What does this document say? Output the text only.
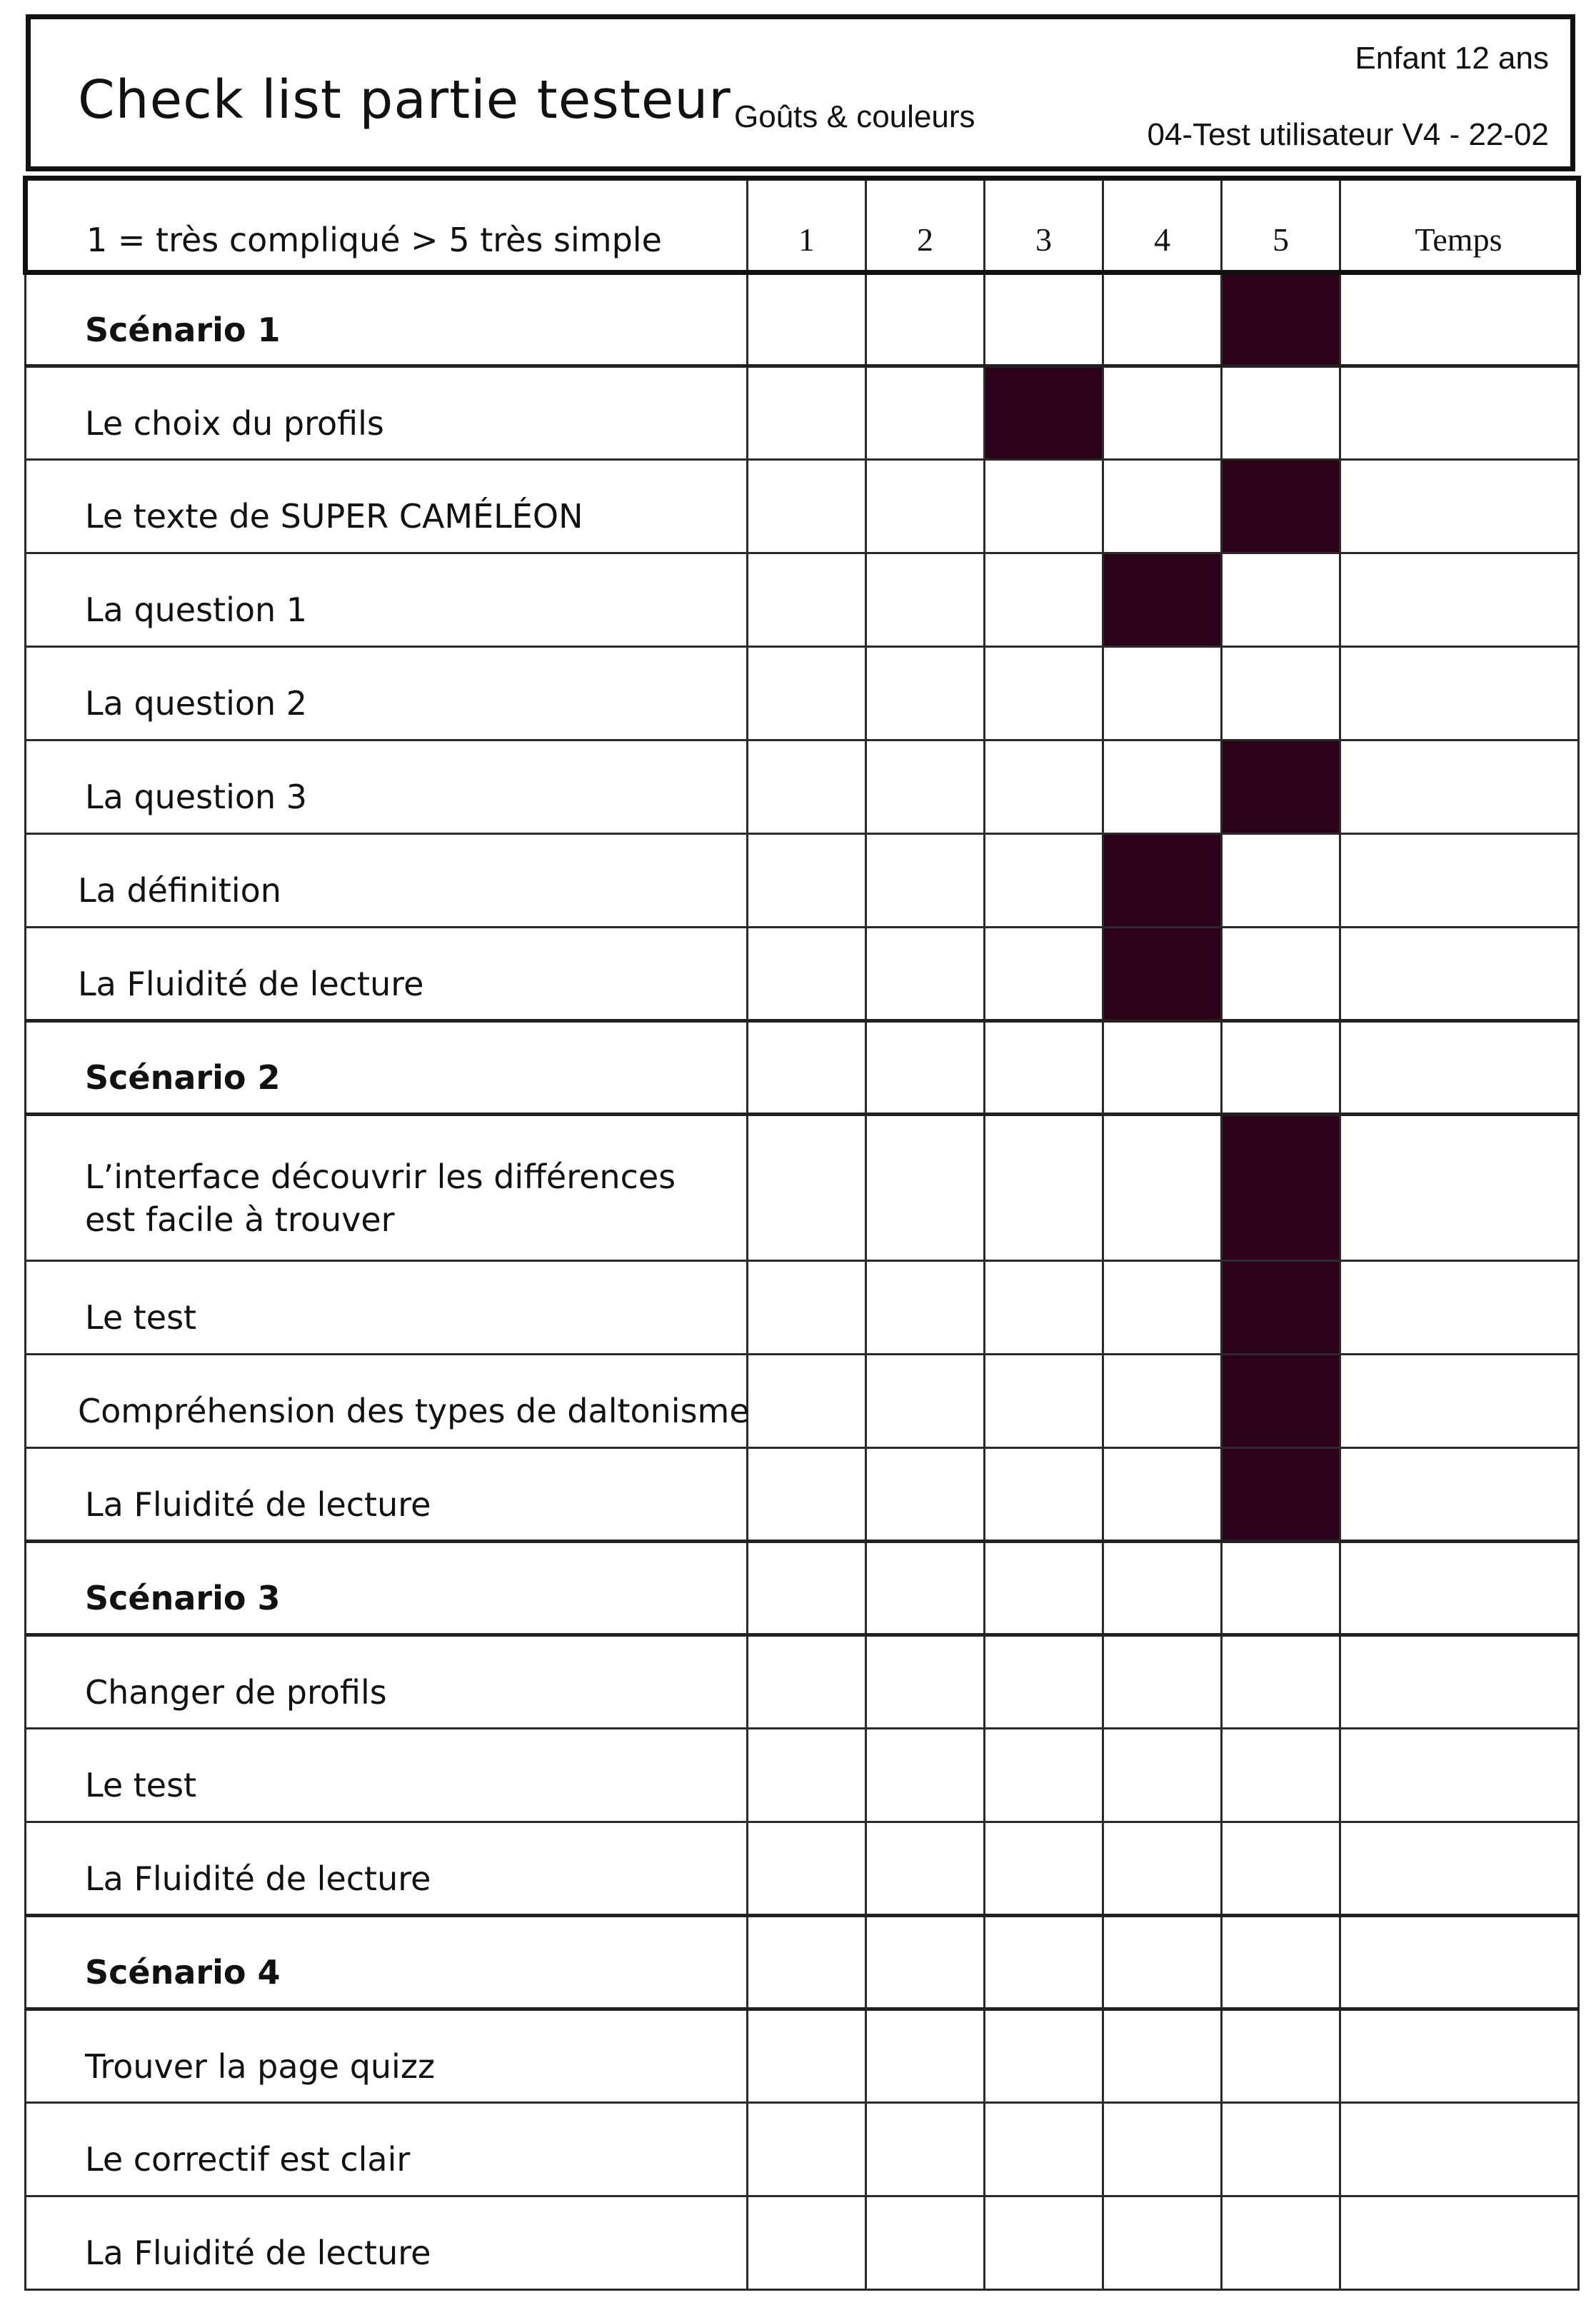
Check list partie testeur Goûts & couleurs
Enfant 12 ans
04-Test utilisateur V4 - 22-02
1 = très compliqué > 5 très simple	1	2	3	4	5	Temps
Scénario 1						
Le choix du profils						
Le texte de SUPER CAMÉLÉON						
La question 1						
La question 2						
La question 3						
La définition						
La Fluidité de lecture						
Scénario 2						
L’interface découvrir les différences
est facile à trouver						
Le test						
Compréhension des types de daltonisme						
La Fluidité de lecture						
Scénario 3						
Changer de profils						
Le test						
La Fluidité de lecture						
Scénario 4						
Trouver la page quizz						
Le correctif est clair						
La Fluidité de lecture						
